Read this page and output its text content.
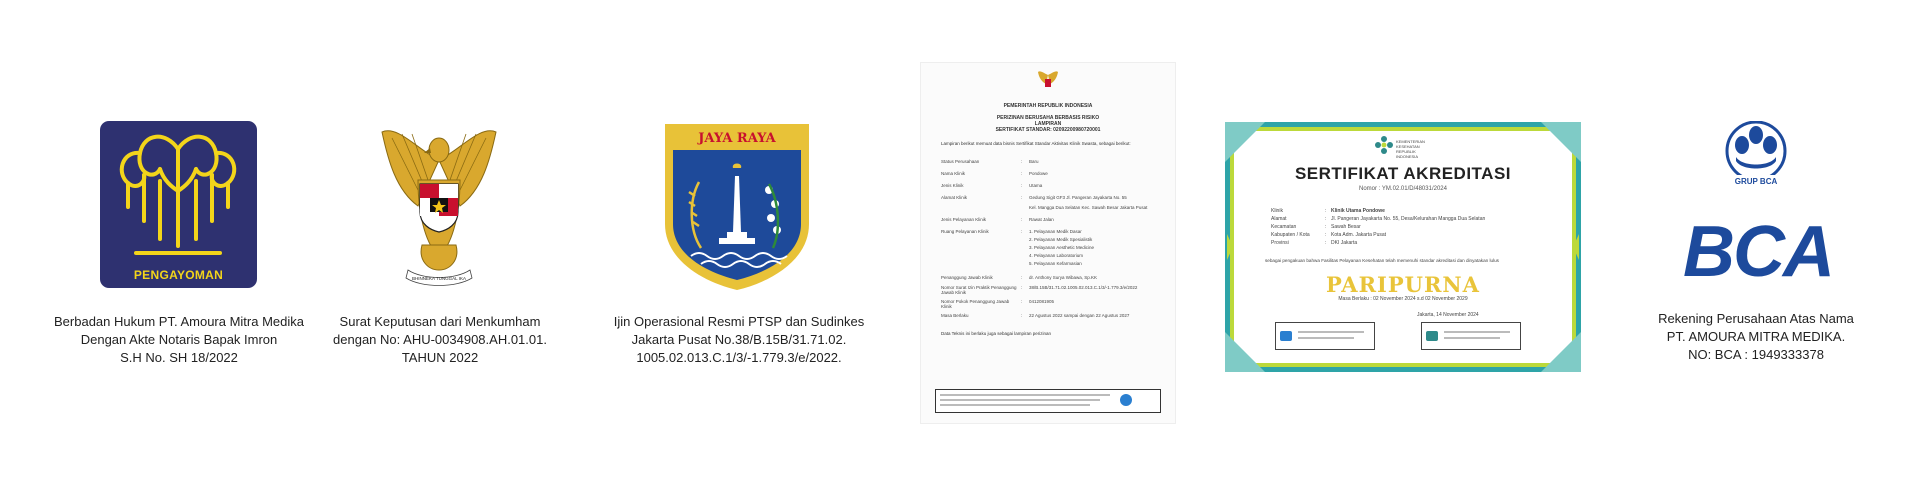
PENGAYOMAN
Berbadan Hukum PT. Amoura Mitra Medika
Dengan Akte Notaris Bapak Imron
S.H No. SH 18/2022
BHINNEKA TUNGGAL IKA
Surat Keputusan dari Menkumham
dengan No: AHU-0034908.AH.01.01.
TAHUN 2022
JAYA RAYA
Ijin Operasional Resmi PTSP dan Sudinkes
Jakarta Pusat No.38/B.15B/31.71.02.
1005.02.013.C.1/3/-1.779.3/e/2022.
PEMERINTAH REPUBLIK INDONESIA
PERIZINAN BERUSAHA BERBASIS RISIKO
LAMPIRAN
SERTIFIKAT STANDAR: 02092200980720001
Lampiran berikut memuat data bisnis Sertifikat Standar Aktivitas Klinik Swasta, sebagai berikut:
Status Perusahaan	: Baru
Nama Klinik	: Pondowe
Jenis Klinik	: Utama
Alamat Klinik	: Gedung Sigit GF3 Jl. Pangeran Jayakarta No. 55
Kel. Mangga Dua Selatan Kec. Sawah Besar Jakarta Pusat
Jenis Pelayanan Klinik	: Rawat Jalan
Ruang Pelayanan Klinik	: 1. Pelayanan Medik Dasar
2. Pelayanan Medik Spesialistik
3. Pelayanan Aesthetic Medicine
4. Pelayanan Laboratorium
5. Pelayanan Kefarmasian
Penanggung Jawab Klinik	: dr. Anthony Surya Wibawa, Sp.KK
Nomor Surat Izin Praktik Penanggung Jawab Klinik
: 38/B.15B/31.71.02.1005.02.013.C.1/3/-1.779.3/e/2022
Nomor Pokok Penanggung Jawab Klinik
: 0412081905
Masa Berlaku	: 22 Agustus 2022 sampai dengan 22 Agustus 2027
Data Teknis ini berlaku juga sebagai lampiran perizinan
KEMENTERIAN KESEHATAN REPUBLIK INDONESIA
SERTIFIKAT AKREDITASI
Nomor : YM.02.01/D/48031/2024
Klinik	: Klinik Utama Pondowe
Alamat	: Jl. Pangeran Jayakarta No. 55, Desa/Kelurahan Mangga Dua Selatan
Kecamatan	: Sawah Besar
Kabupaten / Kota	: Kota Adm. Jakarta Pusat
Provinsi	: DKI Jakarta
sebagai pengakuan bahwa Fasilitas Pelayanan Kesehatan telah memenuhi standar akreditasi dan dinyatakan lulus
PARIPURNA
Masa Berlaku : 02 November 2024 s.d 02 November 2029
Jakarta, 14 November 2024
GRUP BCA
BCA
Rekening Perusahaan Atas Nama
PT. AMOURA MITRA MEDIKA.
NO: BCA : 1949333378
